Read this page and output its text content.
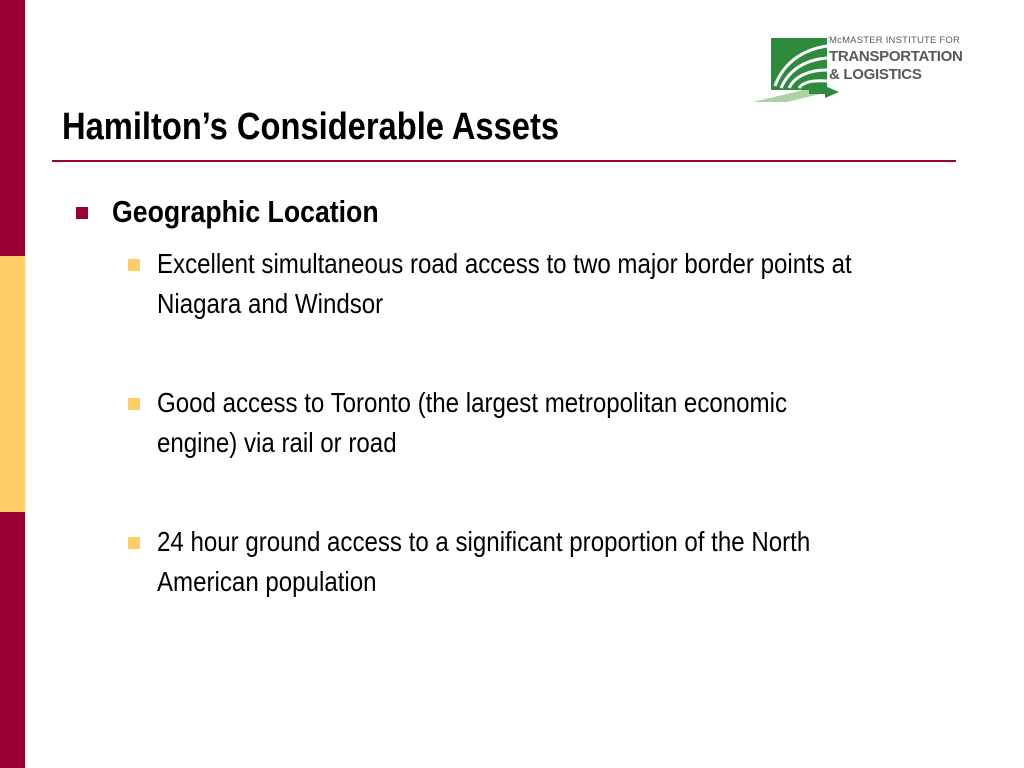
McMASTER INSTITUTE FOR
TRANSPORTATION
& LOGISTICS
Hamilton’s Considerable Assets
Geographic Location
Excellent simultaneous road access to two major border points at
Niagara and Windsor
Good access to Toronto (the largest metropolitan economic
engine) via rail or road
24 hour ground access to a significant proportion of the North
American population
